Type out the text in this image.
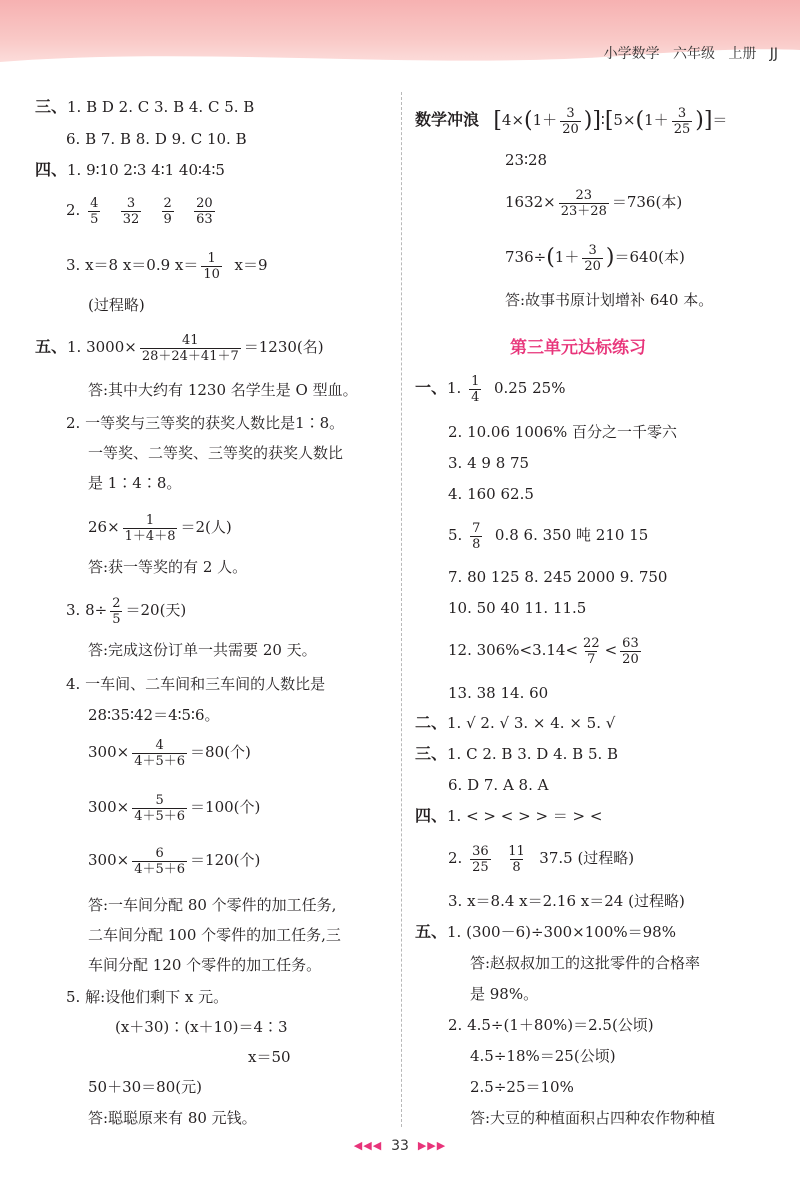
小学数学 六年级 上册 JJ
三、1. B D 2. C 3. B 4. C 5. B
6. B 7. B 8. D 9. C 10. B
四、1. 9∶10 2∶3 4∶1 40∶4∶5
2. $\frac{4}{5}$
$\frac{3}{32}$
$\frac{2}{9}$
$\frac{20}{63}$
3. x＝8 x＝0.9 $x= \frac{1}{10} x=9$
(过程略)
五、1. $3000\times \frac{41}{28+24+41+7} =1230$(名)
答:其中大约有 1230 名学生是 O 型血。
2. 一等奖与三等奖的获奖人数比是1∶8。
一等奖、二等奖、三等奖的获奖人数比
是 1∶4∶8。
$26\times \frac{1}{1+4+8} =2$(人)
答:获一等奖的有 2 人。
3. $8\div \frac{2}{5} =20$(天)
答:完成这份订单一共需要 20 天。
4. 一车间、二车间和三车间的人数比是
28∶35∶42＝4∶5∶6。
$300\times \frac{4}{4+5+6} =80$(个)
$300\times \frac{5}{4+5+6} =100$(个)
$300\times \frac{6}{4+5+6} =120$(个)
答:一车间分配 80 个零件的加工任务,
二车间分配 100 个零件的加工任务,三
车间分配 120 个零件的加工任务。
5. 解:设他们剩下 x 元。
(x＋30)∶(x＋10)＝4∶3
x＝50
50＋30＝80(元)
答:聪聪原来有 80 元钱。
数学冲浪 [$4\times(1+ \frac{3}{20}$ )]∶[5×(1＋ $\frac{3}{25}$ )]＝
23∶28
$1632\times \frac{23}{23+28} =736$(本)
$736\div(1+ \frac{3}{20} )=640$(本)
答:故事书原计划增补 640 本。
第三单元达标练习
一、1. $\frac{1}{4} 0.25$ 25%
2. 10.06 1006% 百分之一千零六
3. 4 9 8 75
4. 160 62.5
5. $\frac{7}{8} 0.8$ 6. 350 吨 210 15
7. 80 125 8. 245 2000 9. 750
10. 50 40 11. 11.5
12. $306\%<3.14< \frac{22}{7} < \frac{63}{20}$
13. 38 14. 60
二、1. √ 2. √ 3. × 4. × 5. √
三、1. C 2. B 3. D 4. B 5. B
6. D 7. A 8. A
四、1. < > < > > ＝ > <
2. $\frac{36}{25}$
$\frac{11}{8} 37.5$ (过程略)
3. x＝8.4 x＝2.16 x＝24 (过程略)
五、1. (300－6)÷300×100%＝98%
答:赵叔叔加工的这批零件的合格率
是 98%。
2. 4.5÷(1＋80%)＝2.5(公顷)
4.5÷18%＝25(公顷)
2.5÷25＝10%
答:大豆的种植面积占四种农作物种植
◀◀◀ 33 ▶▶▶
